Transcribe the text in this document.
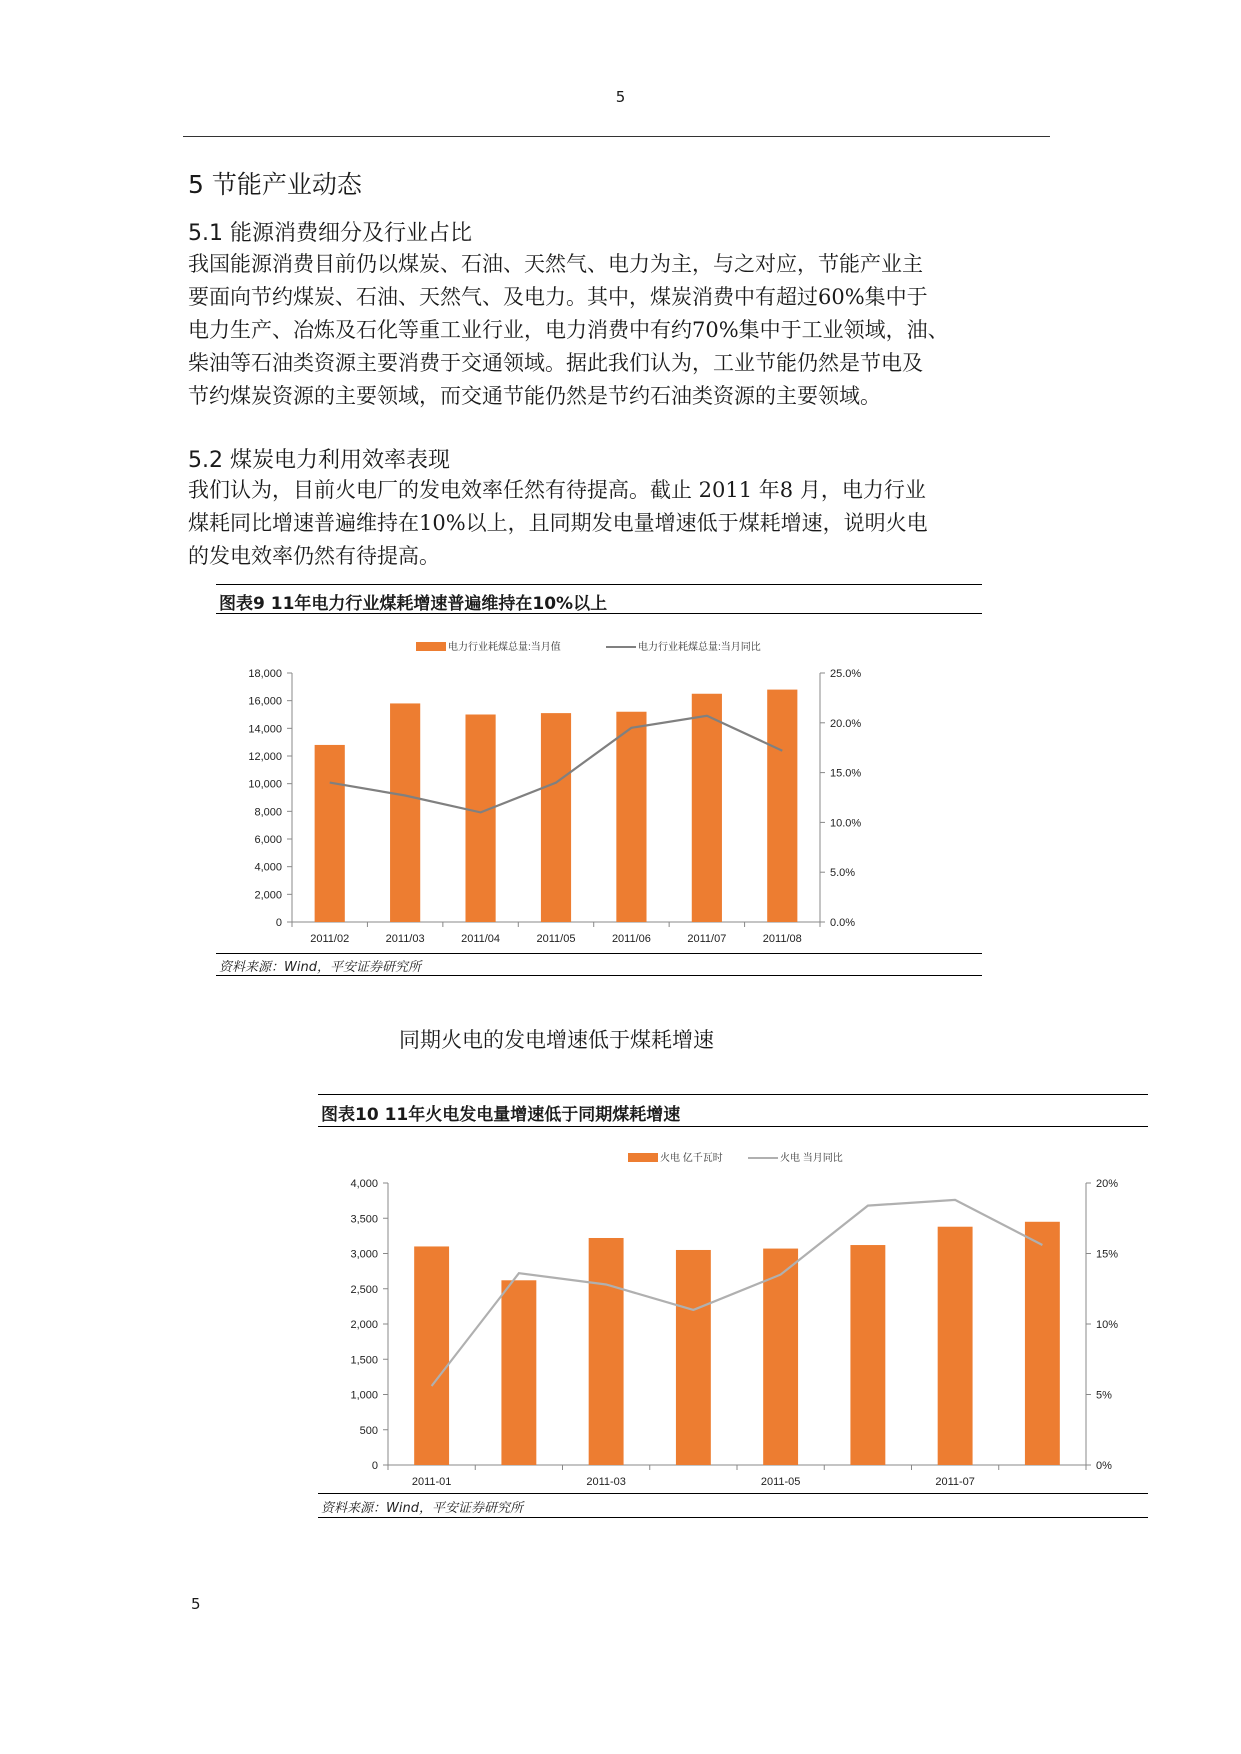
5
5 节能产业动态
5.1 能源消费细分及行业占比
我国能源消费目前仍以煤炭、石油、天然气、电力为主，与之对应，节能产业主
要面向节约煤炭、石油、天然气、及电力。其中，煤炭消费中有超过60%集中于
电力生产、冶炼及石化等重工业行业，电力消费中有约70%集中于工业领域，油、
柴油等石油类资源主要消费于交通领域。据此我们认为，工业节能仍然是节电及
节约煤炭资源的主要领域，而交通节能仍然是节约石油类资源的主要领域。
5.2 煤炭电力利用效率表现
我们认为，目前火电厂的发电效率任然有待提高。截止 2011 年8 月，电力行业
煤耗同比增速普遍维持在10%以上，且同期发电量增速低于煤耗增速，说明火电
的发电效率仍然有待提高。
图表9 11年电力行业煤耗增速普遍维持在10%以上
电力行业耗煤总量:当月值	电力行业耗煤总量:当月同比
0
2,000
4,000
6,000
8,000
10,000
12,000
14,000
16,000
18,000
0.0%
5.0%
10.0%
15.0%
20.0%
25.0%
2011/02	2011/03	2011/04	2011/05	2011/06	2011/07	2011/08
资料来源：Wind，平安证券研究所
同期火电的发电增速低于煤耗增速
图表10 11年火电发电量增速低于同期煤耗增速
火电 亿千瓦时	火电 当月同比
0
500
1,000
1,500
2,000
2,500
3,000
3,500
4,000
0%
5%
10%
15%
20%
2011-01	2011-03	2011-05	2011-07
资料来源：Wind，平安证券研究所
5
